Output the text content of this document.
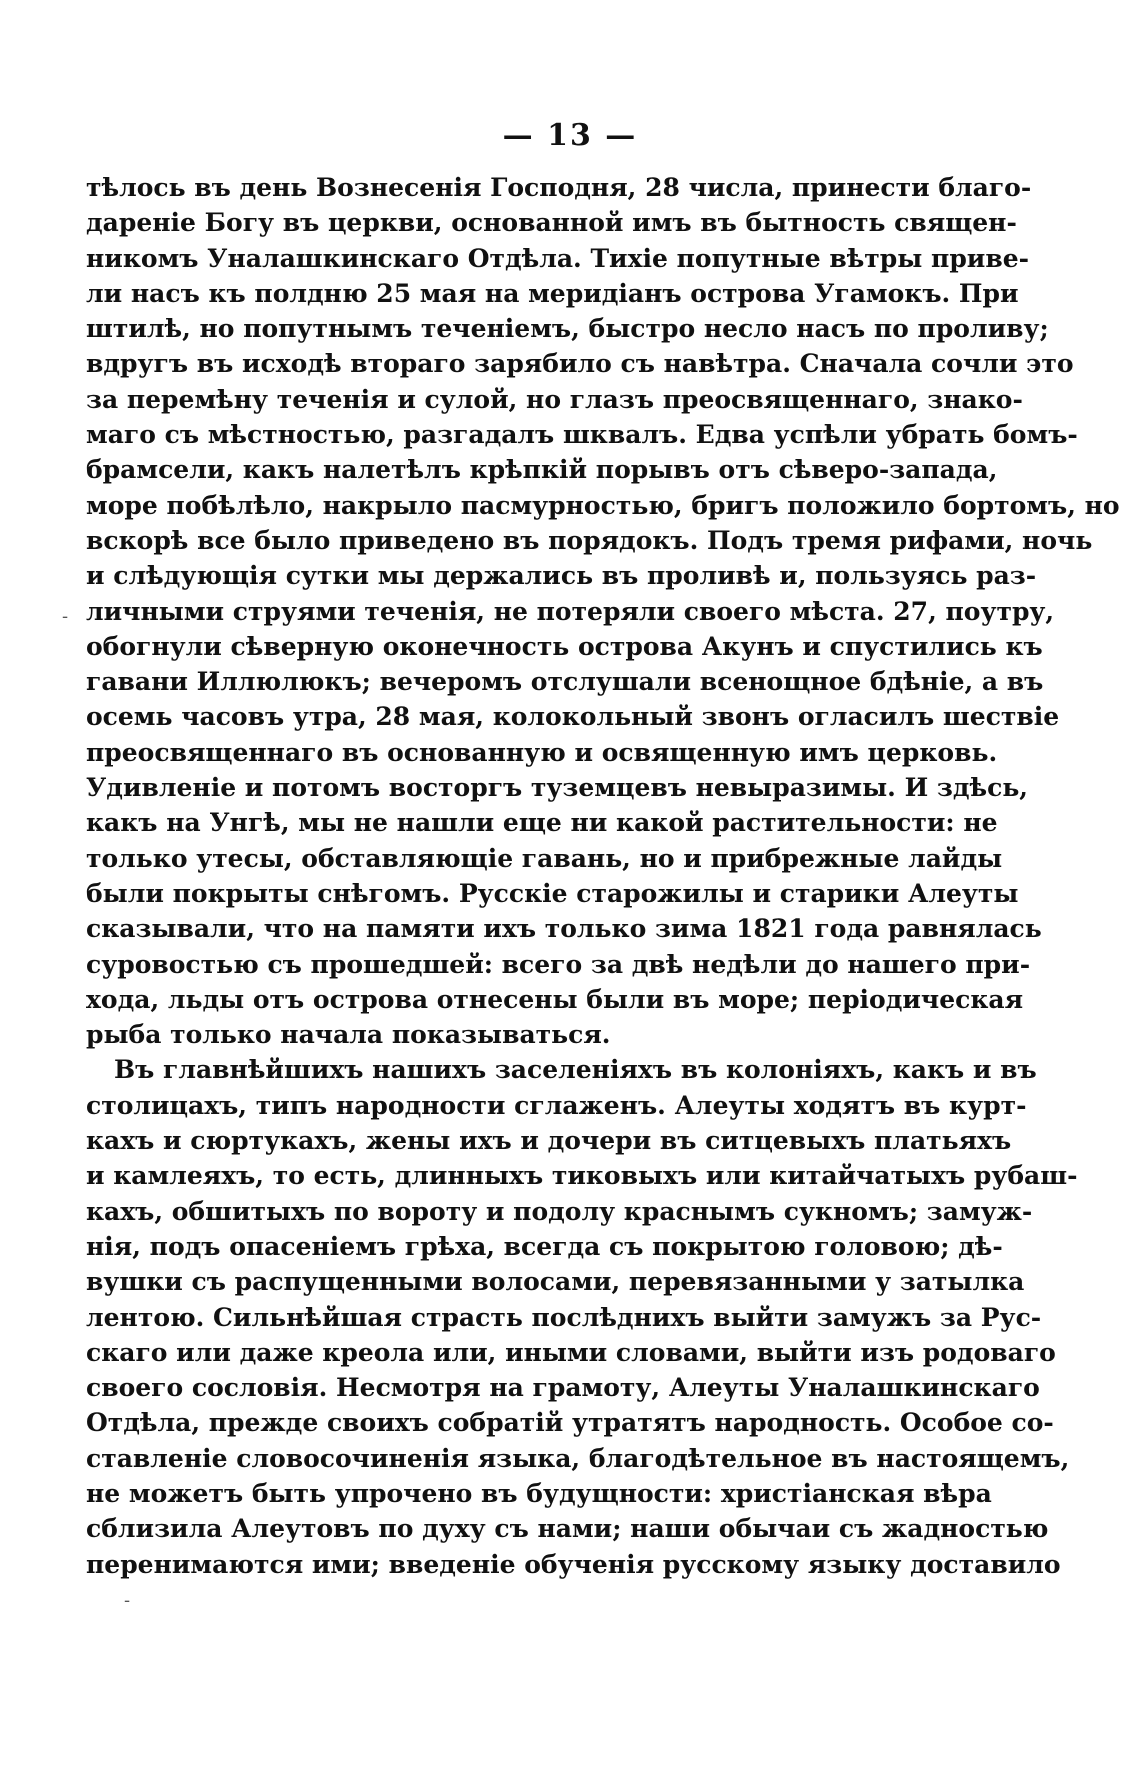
— 13 —
тѣлось въ день Вознесенія Господня, 28 числа, принести благо-
дареніе Богу въ церкви, основанной имъ въ бытность священ-
никомъ Уналашкинскаго Отдѣла. Тихіе попутные вѣтры приве-
ли насъ къ полдню 25 мая на меридіанъ острова Угамокъ. При
штилѣ, но попутнымъ теченіемъ, быстро несло насъ по проливу;
вдругъ въ исходѣ втораго зарябило съ навѣтра. Сначала сочли это
за перемѣну теченія и сулой, но глазъ преосвященнаго, знако-
маго съ мѣстностью, разгадалъ шквалъ. Едва успѣли убрать бомъ-
брамсели, какъ налетѣлъ крѣпкій порывъ отъ сѣверо-запада,
море побѣлѣло, накрыло пасмурностью, бригъ положило бортомъ, но
вскорѣ все было приведено въ порядокъ. Подъ тремя рифами, ночь
и слѣдующія сутки мы держались въ проливѣ и, пользуясь раз-
личными струями теченія, не потеряли своего мѣста. 27, поутру,
обогнули сѣверную оконечность острова Акунъ и спустились къ
гавани Иллюлюкъ; вечеромъ отслушали всенощное бдѣніе, а въ
осемь часовъ утра, 28 мая, колокольный звонъ огласилъ шествіе
преосвященнаго въ основанную и освященную имъ церковь.
Удивленіе и потомъ восторгъ туземцевъ невыразимы. И здѣсь,
какъ на Унгѣ, мы не нашли еще ни какой растительности: не
только утесы, обставляющіе гавань, но и прибрежные лайды
были покрыты снѣгомъ. Русскіе старожилы и старики Алеуты
сказывали, что на памяти ихъ только зима 1821 года равнялась
суровостью съ прошедшей: всего за двѣ недѣли до нашего при-
хода, льды отъ острова отнесены были въ море; періодическая
рыба только начала показываться.
Въ главнѣйшихъ нашихъ заселеніяхъ въ колоніяхъ, какъ и въ
столицахъ, типъ народности сглаженъ. Алеуты ходятъ въ курт-
кахъ и сюртукахъ, жены ихъ и дочери въ ситцевыхъ платьяхъ
и камлеяхъ, то есть, длинныхъ тиковыхъ или китайчатыхъ рубаш-
кахъ, обшитыхъ по вороту и подолу краснымъ сукномъ; замуж-
нія, подъ опасеніемъ грѣха, всегда съ покрытою головою; дѣ-
вушки съ распущенными волосами, перевязанными у затылка
лентою. Сильнѣйшая страсть послѣднихъ выйти замужъ за Рус-
скаго или даже креола или, иными словами, выйти изъ родоваго
своего сословія. Несмотря на грамоту, Алеуты Уналашкинскаго
Отдѣла, прежде своихъ собратій утратятъ народность. Особое со-
ставленіе словосочиненія языка, благодѣтельное въ настоящемъ,
не можетъ быть упрочено въ будущности: христіанская вѣра
сблизила Алеутовъ по духу съ нами; наши обычаи съ жадностью
перенимаются ими; введеніе обученія русскому языку доставило
-
‑
